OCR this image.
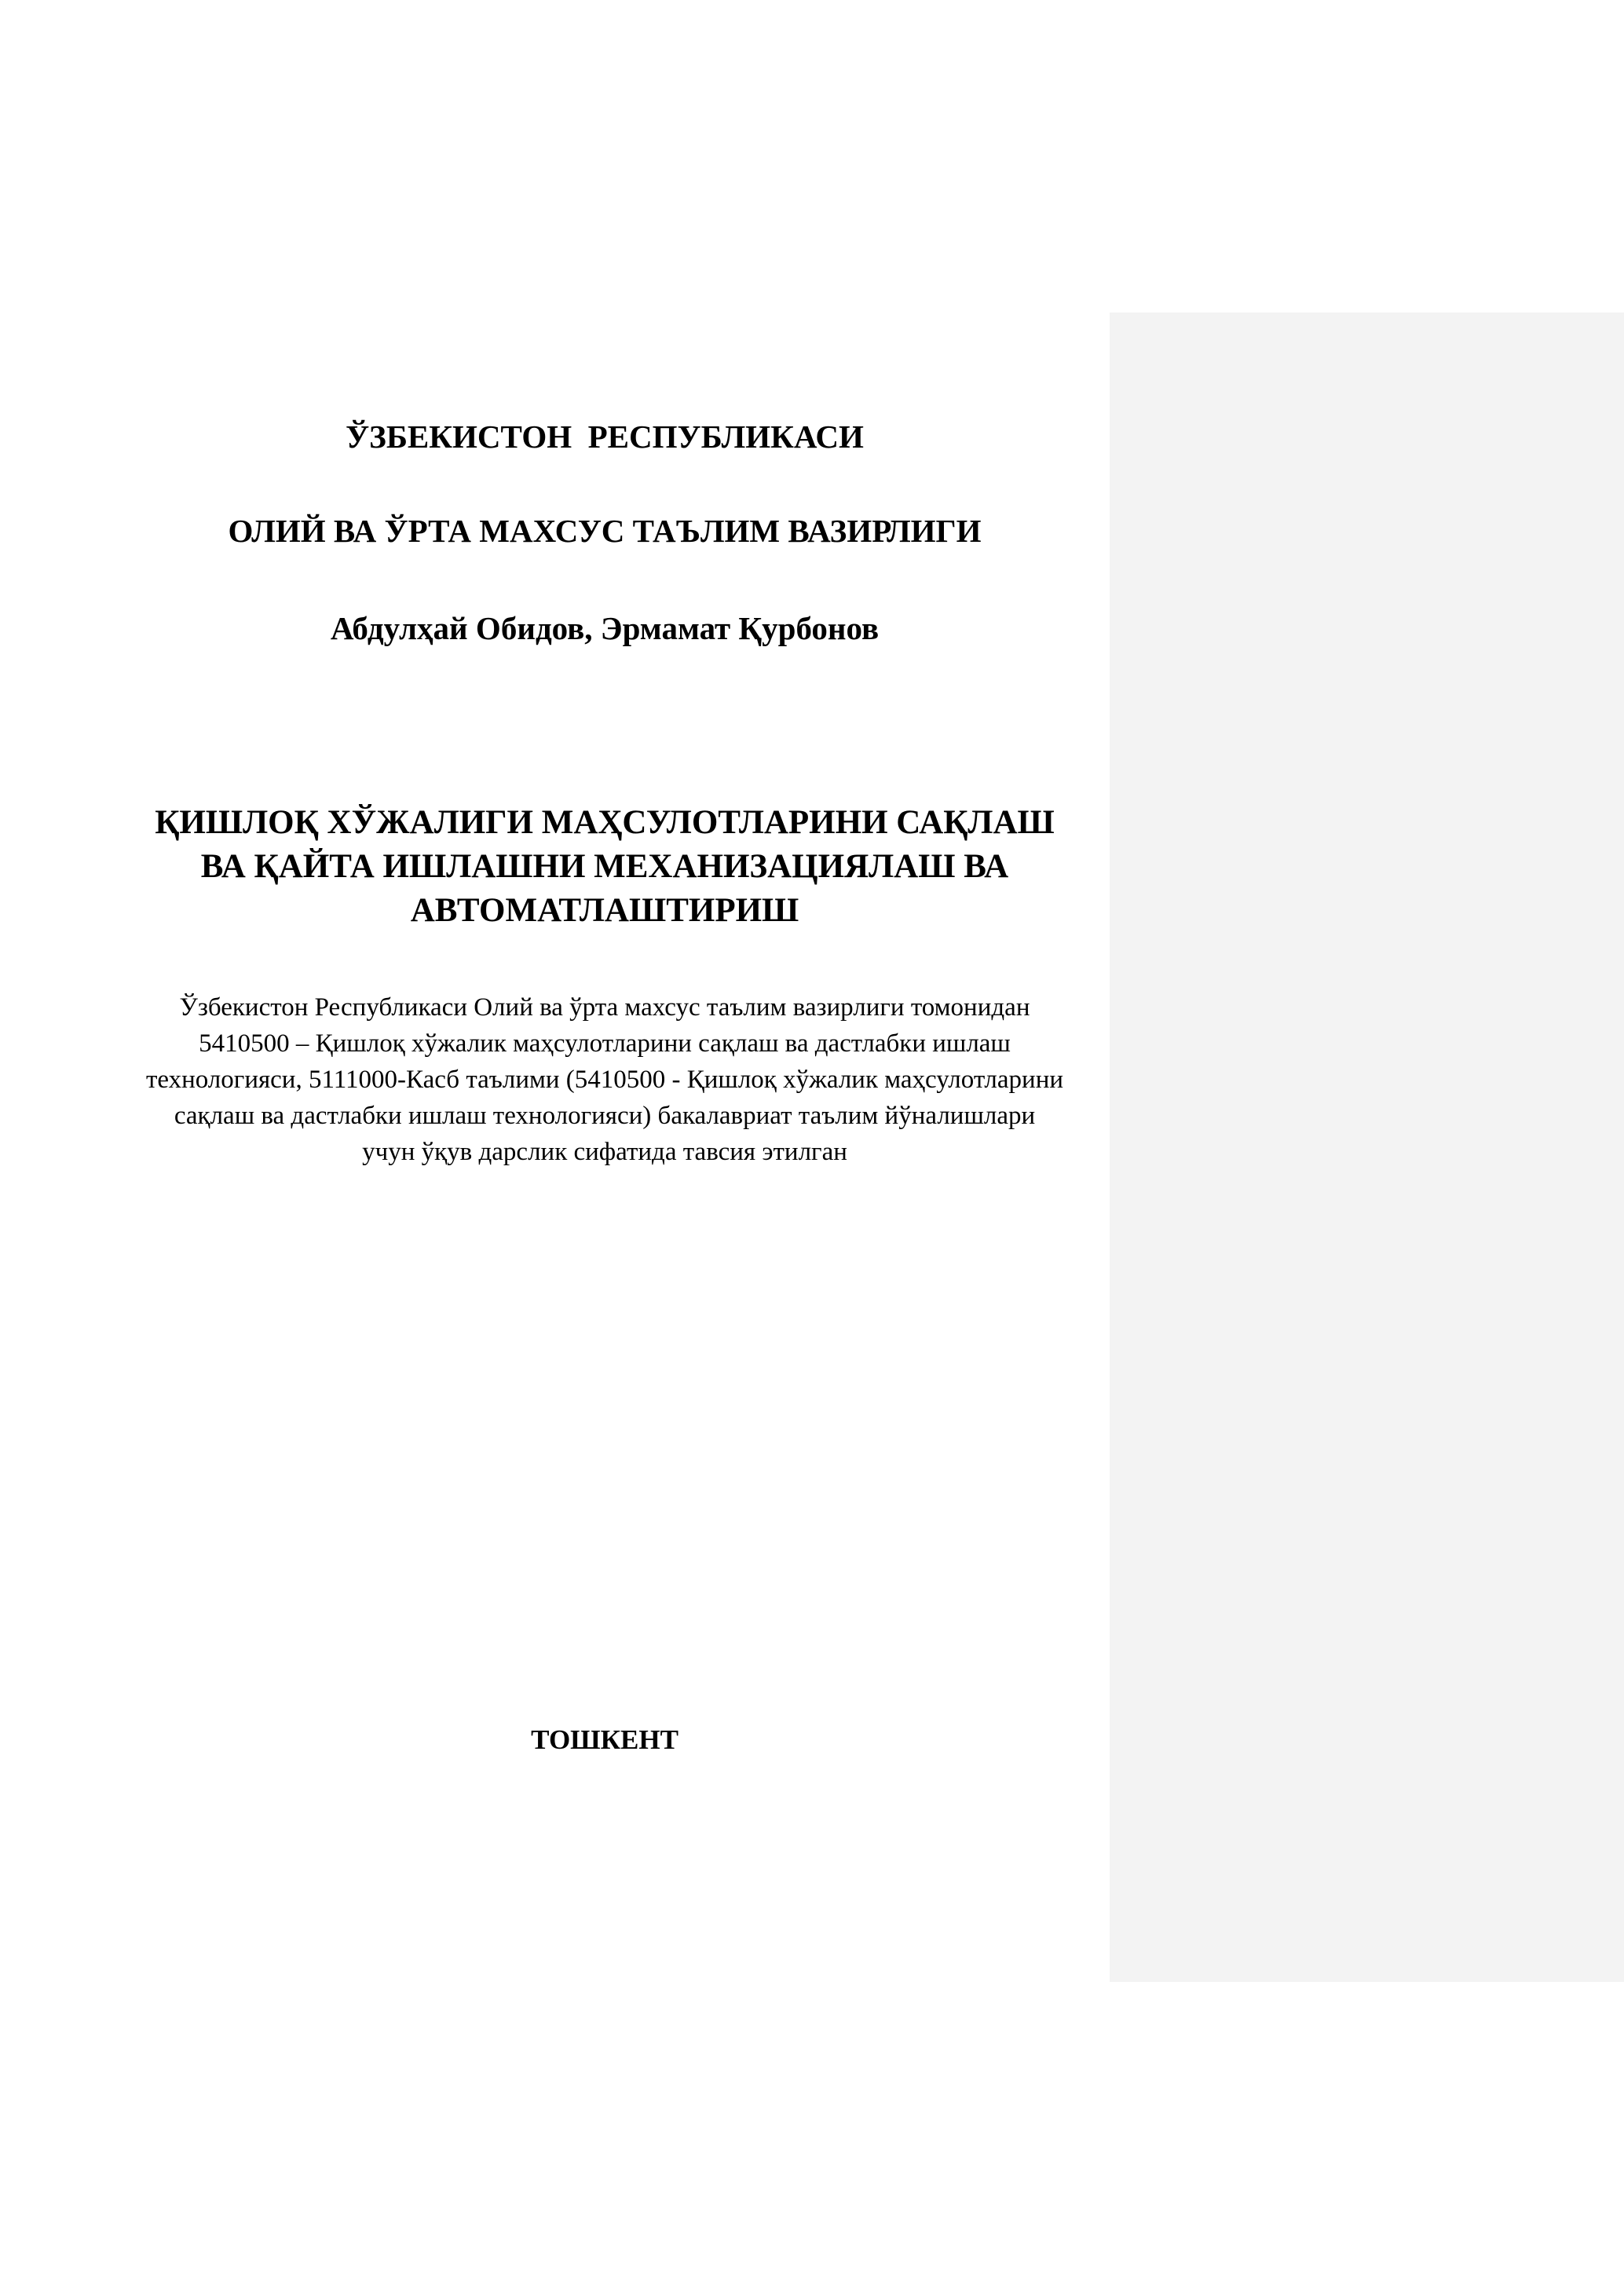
ЎЗБЕКИСТОН  РЕСПУБЛИКАСИ
ОЛИЙ ВА ЎРТА МАХСУС ТАЪЛИМ ВАЗИРЛИГИ
Абдулҳай Обидов, Эрмамат Қурбонов
ҚИШЛОҚ ХЎЖАЛИГИ МАҲСУЛОТЛАРИНИ САҚЛАШ
ВА ҚАЙТА ИШЛАШНИ МЕХАНИЗАЦИЯЛАШ ВА
АВТОМАТЛАШТИРИШ
Ўзбекистон Республикаси Олий ва ўрта махсус таълим вазирлиги томонидан
5410500 – Қишлоқ хўжалик маҳсулотларини сақлаш ва дастлабки ишлаш
технологияси, 5111000-Касб таълими (5410500 - Қишлоқ хўжалик маҳсулотларини
сақлаш ва дастлабки ишлаш технологияси) бакалавриат таълим йўналишлари
учун ўқув дарслик сифатида тавсия этилган
ТОШКЕНТ
